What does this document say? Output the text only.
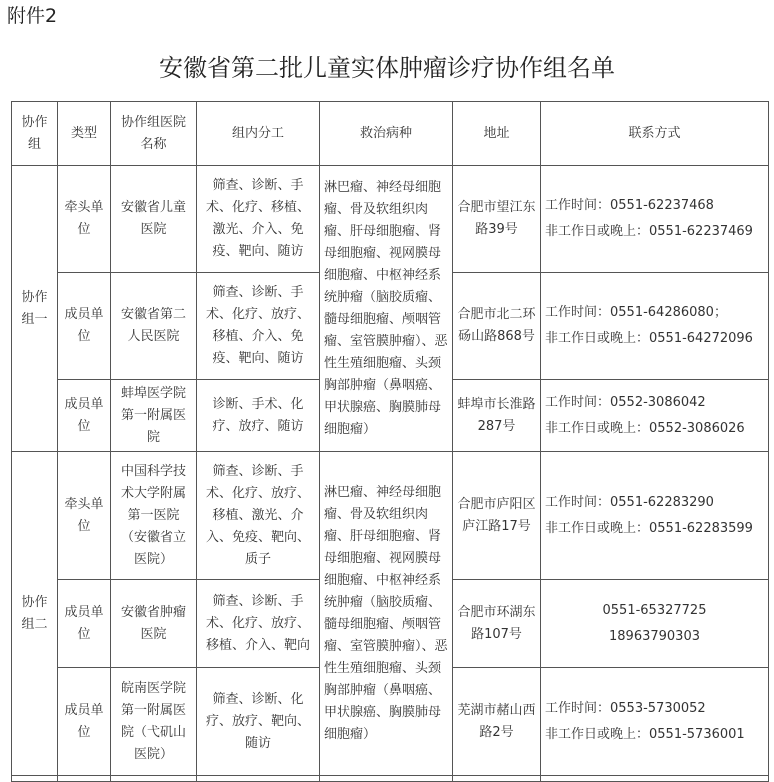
附件2
安徽省第二批儿童实体肿瘤诊疗协作组名单
协作组	类型	协作组医院名称	组内分工	救治病种	地址	联系方式
协作组一	牵头单位	安徽省儿童医院	筛查、诊断、手术、化疗、移植、激光、介入、免疫、靶向、随访	淋巴瘤、神经母细胞瘤、骨及软组织肉瘤、肝母细胞瘤、肾母细胞瘤、视网膜母细胞瘤、中枢神经系统肿瘤（脑胶质瘤、髓母细胞瘤、颅咽管瘤、室管膜肿瘤）、恶性生殖细胞瘤、头颈胸部肿瘤（鼻咽癌、甲状腺癌、胸膜肺母细胞瘤）	合肥市望江东路39号	工作时间：0551-62237468

非工作日或晚上：0551-62237469

	成员单位	安徽省第二人民医院	筛查、诊断、手术、化疗、放疗、移植、介入、免疫、靶向、随访		合肥市北二环砀山路868号	工作时间：0551-64286080；

非工作日或晚上：0551-64272096

	成员单位	蚌埠医学院第一附属医院	诊断、手术、化疗、放疗、随访		蚌埠市长淮路287号	工作时间：0552-3086042

非工作日或晚上：0552-3086026

协作组二	牵头单位	中国科学技术大学附属第一医院（安徽省立医院）	筛查、诊断、手术、化疗、放疗、移植、激光、介入、免疫、靶向、质子	淋巴瘤、神经母细胞瘤、骨及软组织肉瘤、肝母细胞瘤、肾母细胞瘤、视网膜母细胞瘤、中枢神经系统肿瘤（脑胶质瘤、髓母细胞瘤、颅咽管瘤、室管膜肿瘤）、恶性生殖细胞瘤、头颈胸部肿瘤（鼻咽癌、甲状腺癌、胸膜肺母细胞瘤）	合肥市庐阳区庐江路17号	工作时间：0551-62283290

非工作日或晚上：0551-62283599

	成员单位	安徽省肿瘤医院	筛查、诊断、手术、化疗、放疗、移植、介入、靶向		合肥市环湖东路107号	0551-65327725

18963790303

	成员单位	皖南医学院第一附属医院（弋矶山医院）	筛查、诊断、化疗、放疗、靶向、随访		芜湖市赭山西路2号	工作时间：0553-5730052

非工作日或晚上：0551-5736001
